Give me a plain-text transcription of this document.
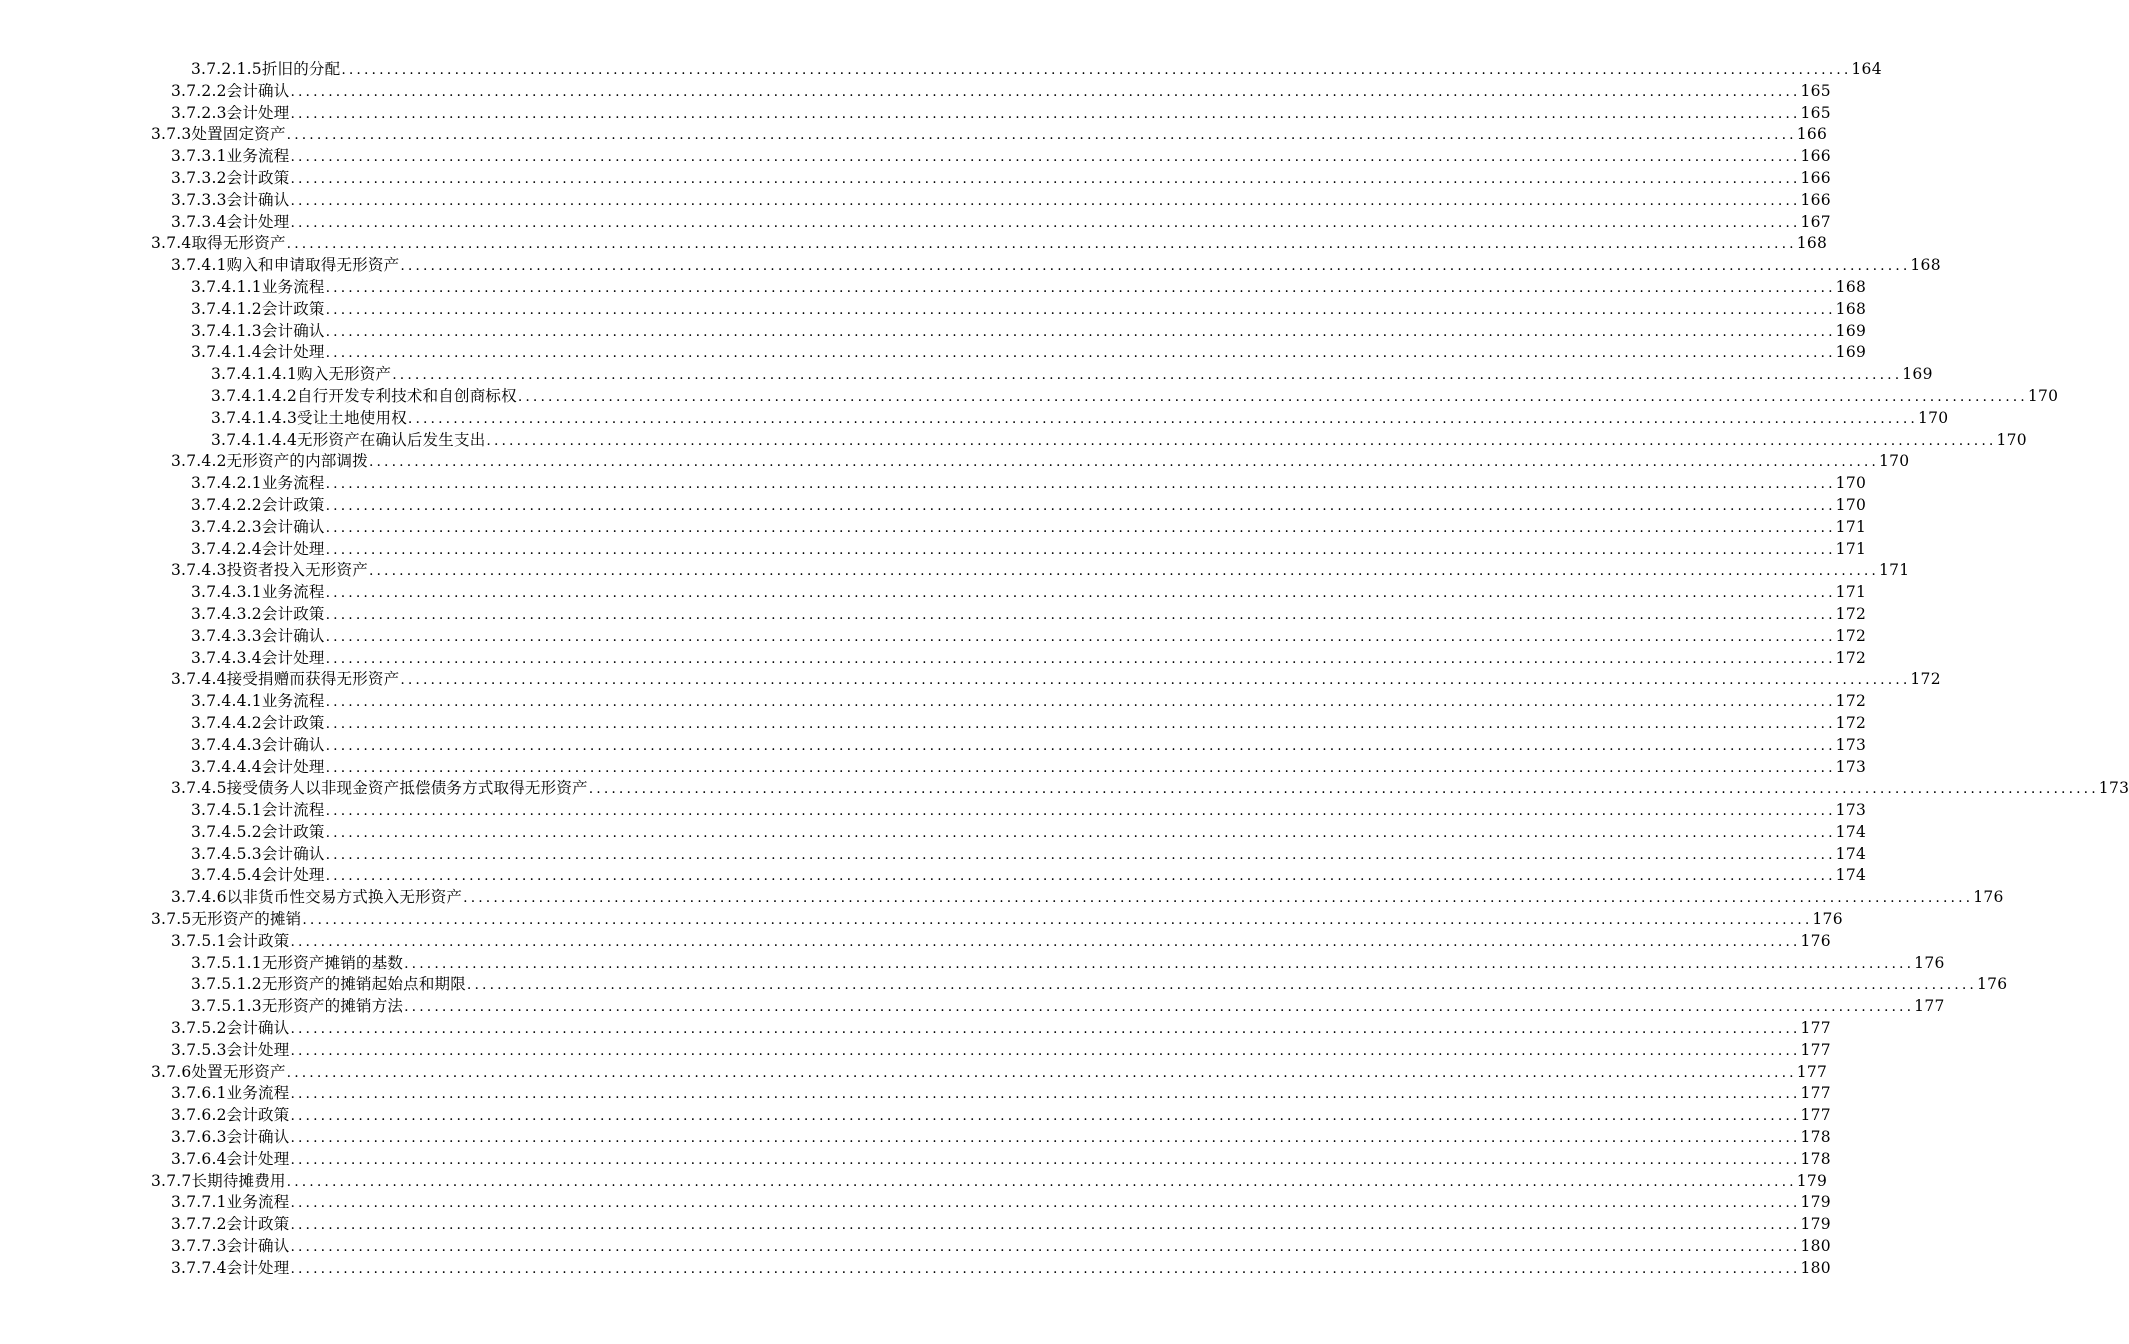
3.7.2.1.5折旧的分配 ........................................................................................................................................................................................................ 164
3.7.2.2会计确认 ........................................................................................................................................................................................................ 165
3.7.2.3会计处理 ........................................................................................................................................................................................................ 165
3.7.3处置固定资产 ........................................................................................................................................................................................................ 166
3.7.3.1业务流程 ........................................................................................................................................................................................................ 166
3.7.3.2会计政策 ........................................................................................................................................................................................................ 166
3.7.3.3会计确认 ........................................................................................................................................................................................................ 166
3.7.3.4会计处理 ........................................................................................................................................................................................................ 167
3.7.4取得无形资产 ........................................................................................................................................................................................................ 168
3.7.4.1购入和申请取得无形资产 ........................................................................................................................................................................................................ 168
3.7.4.1.1业务流程 ........................................................................................................................................................................................................ 168
3.7.4.1.2会计政策 ........................................................................................................................................................................................................ 168
3.7.4.1.3会计确认 ........................................................................................................................................................................................................ 169
3.7.4.1.4会计处理 ........................................................................................................................................................................................................ 169
3.7.4.1.4.1购入无形资产 ........................................................................................................................................................................................................ 169
3.7.4.1.4.2自行开发专利技术和自创商标权 ........................................................................................................................................................................................................ 170
3.7.4.1.4.3受让土地使用权 ........................................................................................................................................................................................................ 170
3.7.4.1.4.4无形资产在确认后发生支出 ........................................................................................................................................................................................................ 170
3.7.4.2无形资产的内部调拨 ........................................................................................................................................................................................................ 170
3.7.4.2.1业务流程 ........................................................................................................................................................................................................ 170
3.7.4.2.2会计政策 ........................................................................................................................................................................................................ 170
3.7.4.2.3会计确认 ........................................................................................................................................................................................................ 171
3.7.4.2.4会计处理 ........................................................................................................................................................................................................ 171
3.7.4.3投资者投入无形资产 ........................................................................................................................................................................................................ 171
3.7.4.3.1业务流程 ........................................................................................................................................................................................................ 171
3.7.4.3.2会计政策 ........................................................................................................................................................................................................ 172
3.7.4.3.3会计确认 ........................................................................................................................................................................................................ 172
3.7.4.3.4会计处理 ........................................................................................................................................................................................................ 172
3.7.4.4接受捐赠而获得无形资产 ........................................................................................................................................................................................................ 172
3.7.4.4.1业务流程 ........................................................................................................................................................................................................ 172
3.7.4.4.2会计政策 ........................................................................................................................................................................................................ 172
3.7.4.4.3会计确认 ........................................................................................................................................................................................................ 173
3.7.4.4.4会计处理 ........................................................................................................................................................................................................ 173
3.7.4.5接受债务人以非现金资产抵偿债务方式取得无形资产 ........................................................................................................................................................................................................ 173
3.7.4.5.1会计流程 ........................................................................................................................................................................................................ 173
3.7.4.5.2会计政策 ........................................................................................................................................................................................................ 174
3.7.4.5.3会计确认 ........................................................................................................................................................................................................ 174
3.7.4.5.4会计处理 ........................................................................................................................................................................................................ 174
3.7.4.6以非货币性交易方式换入无形资产 ........................................................................................................................................................................................................ 176
3.7.5无形资产的摊销 ........................................................................................................................................................................................................ 176
3.7.5.1会计政策 ........................................................................................................................................................................................................ 176
3.7.5.1.1无形资产摊销的基数 ........................................................................................................................................................................................................ 176
3.7.5.1.2无形资产的摊销起始点和期限 ........................................................................................................................................................................................................ 176
3.7.5.1.3无形资产的摊销方法 ........................................................................................................................................................................................................ 177
3.7.5.2会计确认 ........................................................................................................................................................................................................ 177
3.7.5.3会计处理 ........................................................................................................................................................................................................ 177
3.7.6处置无形资产 ........................................................................................................................................................................................................ 177
3.7.6.1业务流程 ........................................................................................................................................................................................................ 177
3.7.6.2会计政策 ........................................................................................................................................................................................................ 177
3.7.6.3会计确认 ........................................................................................................................................................................................................ 178
3.7.6.4会计处理 ........................................................................................................................................................................................................ 178
3.7.7长期待摊费用 ........................................................................................................................................................................................................ 179
3.7.7.1业务流程 ........................................................................................................................................................................................................ 179
3.7.7.2会计政策 ........................................................................................................................................................................................................ 179
3.7.7.3会计确认 ........................................................................................................................................................................................................ 180
3.7.7.4会计处理 ........................................................................................................................................................................................................ 180
